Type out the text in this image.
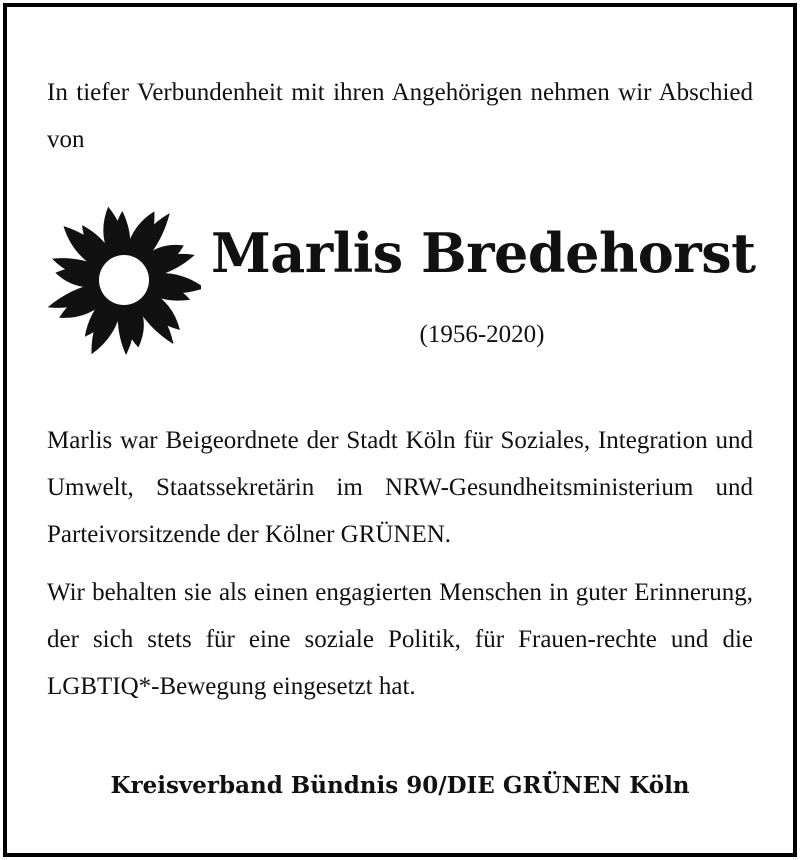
In tiefer Verbundenheit mit ihren Angehörigen nehmen wir Abschied von

Marlis Bredehorst

(1956-2020)

Marlis war Beigeordnete der Stadt Köln für Soziales, Integration und Umwelt, Staatssekretärin im NRW-Gesundheitsministerium und Parteivorsitzende der Kölner GRÜNEN.

Wir behalten sie als einen engagierten Menschen in guter Erinnerung, der sich stets für eine soziale Politik, für Frauen-rechte und die LGBTIQ*-Bewegung eingesetzt hat.

Kreisverband Bündnis 90/DIE GRÜNEN Köln
